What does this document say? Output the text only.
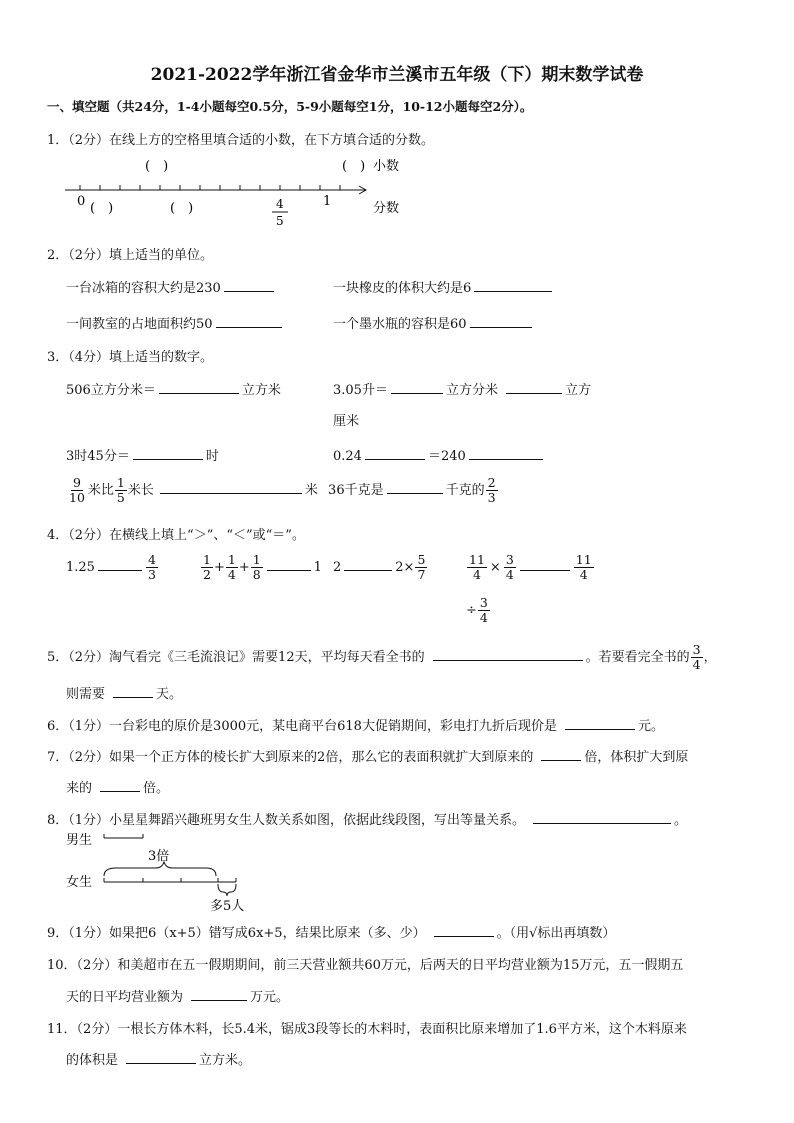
2021-2022学年浙江省金华市兰溪市五年级（下）期末数学试卷
一、填空题（共24分，1-4小题每空0.5分，5-9小题每空1分，10-12小题每空2分）。
1．（2分）在线上方的空格里填合适的小数，在下方填合适的分数。
(　)	(　) 小数
0 (　)	(　)	4
5
1	分数
2．（2分）填上适当的单位。
一台冰箱的容积大约是230	一块橡皮的体积大约是6
一间教室的占地面积约50	一个墨水瓶的容积是60
3．（4分）填上适当的数字。
506立方分米＝	立方米	3.05升＝	立方分米	立方
厘米
3时45分＝	时	0.24	＝240
$\frac{9}{10}$ 米比 $\frac{1}{5}$ 米长	米 36千克是	千克的 $\frac{2}{3}$
4．（2分）在横线上填上“＞”、“＜”或“＝”。
1.25	$\frac{4}{3}$	$\frac{1}{2} + \frac{1}{4} + \frac{1}{8}$	1 2	$2\times \frac{5}{7}$	$\frac{11}{4} \times \frac{3}{4}$	$\frac{11}{4}$
÷ $\frac{3}{4}$
5．（2分）淘气看完《三毛流浪记》需要12天，平均每天看全书的	。若要看完全书的 $\frac{3}{4}$ ，
则需要	天。
6．（1分）一台彩电的原价是3000元，某电商平台618大促销期间，彩电打九折后现价是	元。
7．（2分）如果一个正方体的棱长扩大到原来的2倍，那么它的表面积就扩大到原来的	倍，体积扩大到原
来的	倍。
8．（1分）小星星舞蹈兴趣班男女生人数关系如图，依据此线段图，写出等量关系。	。
男生
3倍
女生
多5人
9．（1分）如果把6（x+5）错写成6x+5，结果比原来（多、少）	。（用√标出再填数）
10．（2分）和美超市在五一假期期间，前三天营业额共60万元，后两天的日平均营业额为15万元，五一假期五
天的日平均营业额为	万元。
11．（2分）一根长方体木料，长5.4米，锯成3段等长的木料时，表面积比原来增加了1.6平方米，这个木料原来
的体积是	立方米。
